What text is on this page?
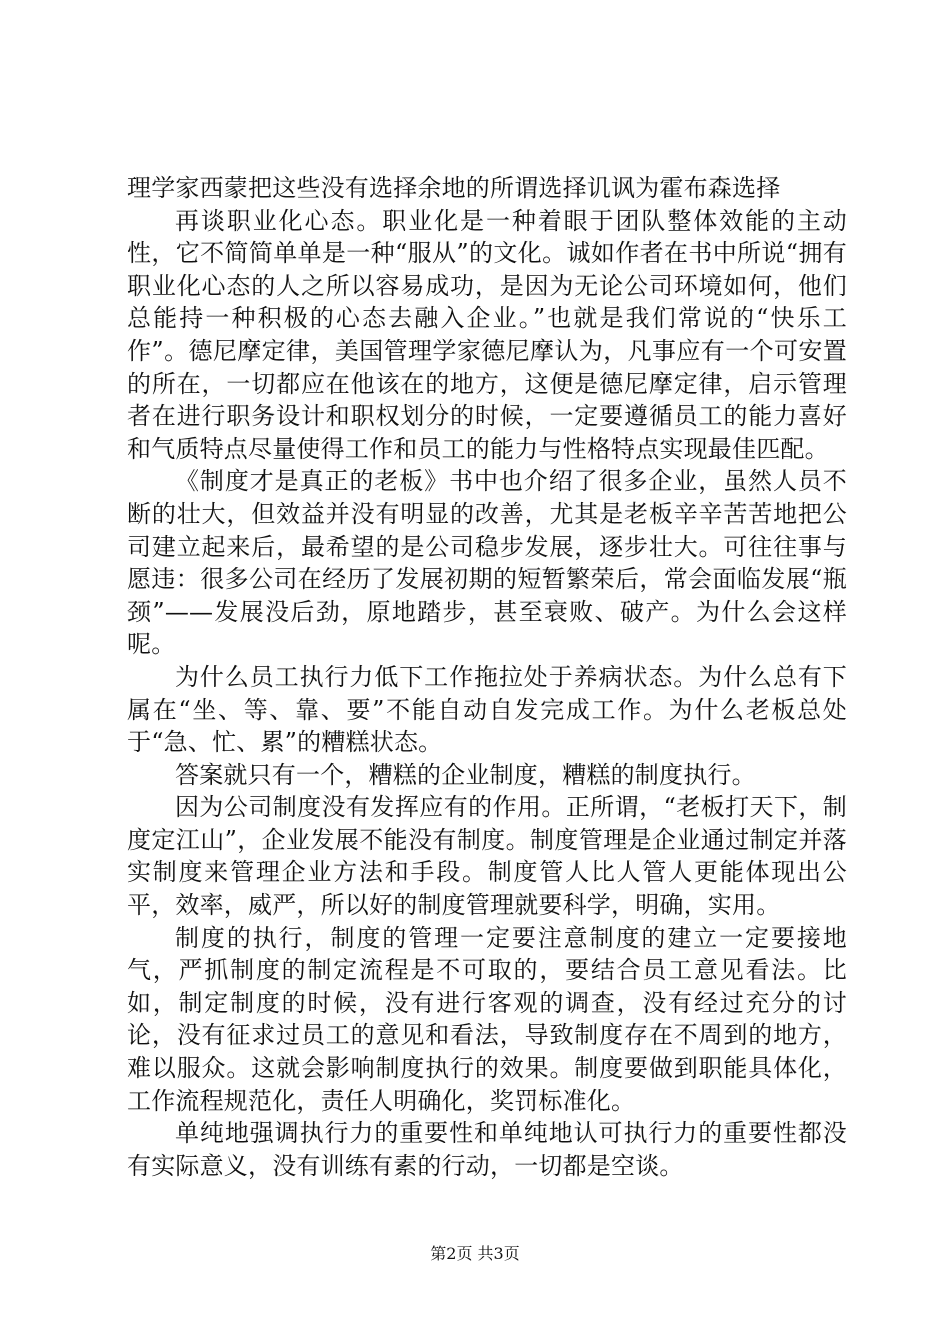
理学家西蒙把这些没有选择余地的所谓选择讥讽为霍布森选择

再谈职业化心态。职业化是一种着眼于团队整体效能的主动性，它不简简单单是一种“服从”的文化。诚如作者在书中所说“拥有职业化心态的人之所以容易成功，是因为无论公司环境如何，他们总能持一种积极的心态去融入企业。”也就是我们常说的“快乐工作”。德尼摩定律，美国管理学家德尼摩认为，凡事应有一个可安置的所在，一切都应在他该在的地方，这便是德尼摩定律，启示管理者在进行职务设计和职权划分的时候，一定要遵循员工的能力喜好和气质特点尽量使得工作和员工的能力与性格特点实现最佳匹配。

《制度才是真正的老板》书中也介绍了很多企业，虽然人员不断的壮大，但效益并没有明显的改善，尤其是老板辛辛苦苦地把公司建立起来后，最希望的是公司稳步发展，逐步壮大。可往往事与愿违：很多公司在经历了发展初期的短暂繁荣后，常会面临发展“瓶颈”——发展没后劲，原地踏步，甚至衰败、破产。为什么会这样呢。

为什么员工执行力低下工作拖拉处于养病状态。为什么总有下属在“坐、等、靠、要”不能自动自发完成工作。为什么老板总处于“急、忙、累”的糟糕状态。

答案就只有一个，糟糕的企业制度，糟糕的制度执行。

因为公司制度没有发挥应有的作用。正所谓，“老板打天下，制度定江山”，企业发展不能没有制度。制度管理是企业通过制定并落实制度来管理企业方法和手段。制度管人比人管人更能体现出公平，效率，威严，所以好的制度管理就要科学，明确，实用。

制度的执行，制度的管理一定要注意制度的建立一定要接地气，严抓制度的制定流程是不可取的，要结合员工意见看法。比如，制定制度的时候，没有进行客观的调查，没有经过充分的讨论，没有征求过员工的意见和看法，导致制度存在不周到的地方，难以服众。这就会影响制度执行的效果。制度要做到职能具体化，工作流程规范化，责任人明确化，奖罚标准化。

单纯地强调执行力的重要性和单纯地认可执行力的重要性都没有实际意义，没有训练有素的行动，一切都是空谈。

第2页 共3页
